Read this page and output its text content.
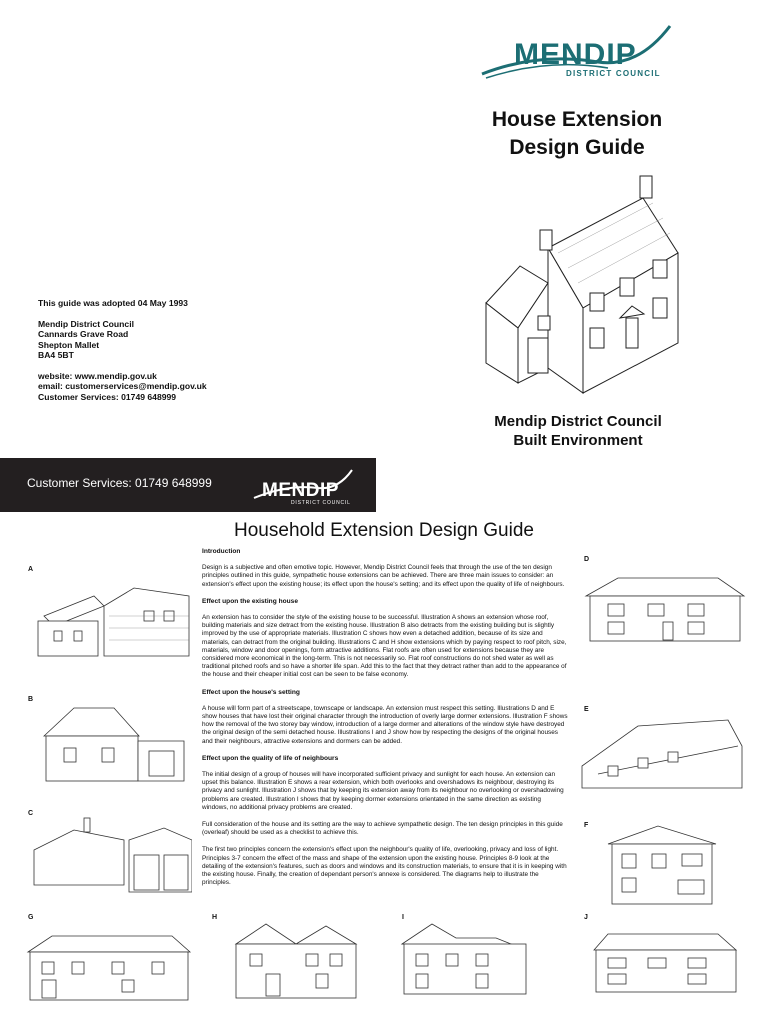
MENDIP
DISTRICT COUNCIL
House Extension
Design Guide
Mendip District Council
Built Environment

This guide was adopted 04 May 1993

Mendip District Council
Cannards Grave Road
Shepton Mallet
BA4 5BT

website: www.mendip.gov.uk
email: customerservices@mendip.gov.uk
Customer Services: 01749 648999

Customer Services: 01749 648999	MENDIP
DISTRICT COUNCIL
Household Extension Design Guide
Introduction

Design is a subjective and often emotive topic. However, Mendip District Council feels that through the use of the ten design principles outlined in this guide, sympathetic house extensions can be achieved. There are three main issues to consider: an extension's effect upon the existing house; its effect upon the house's setting; and its effect upon the quality of life of neighbours.

Effect upon the existing house

An extension has to consider the style of the existing house to be successful. Illustration A shows an extension whose roof, building materials and size detract from the existing house. Illustration B also detracts from the existing building but is slightly improved by the use of appropriate materials. Illustration C shows how even a detached addition, because of its size and materials, can detract from the original building. Illustrations C and H show extensions which by paying respect to roof pitch, size, materials, window and door openings, form attractive additions. Flat roofs are often used for extensions because they are considered more economical in the long-term. This is not necessarily so. Flat roof constructions do not shed water as well as traditional pitched roofs and so have a shorter life span. Add this to the fact that they detract rather than add to the appearance of the house and their cheaper initial cost can be seen to be false economy.

Effect upon the house's setting

A house will form part of a streetscape, townscape or landscape. An extension must respect this setting. Illustrations D and E show houses that have lost their original character through the introduction of overly large dormer extensions. Illustration F shows how the removal of the two storey bay window, introduction of a large dormer and alterations of the window style have destroyed the original design of the semi detached house. Illustrations I and J show how by respecting the designs of the original houses and their neighbours, attractive extensions and dormers can be added.

Effect upon the quality of life of neighbours

The initial design of a group of houses will have incorporated sufficient privacy and sunlight for each house. An extension can upset this balance. Illustration E shows a rear extension, which both overlooks and overshadows its neighbour, destroying its privacy and sunlight. Illustration J shows that by keeping its extension away from its neighbour no overlooking or overshadowing problems are created. Illustration I shows that by keeping dormer extensions orientated in the same direction as existing windows, no additional privacy problems are created.

Full consideration of the house and its setting are the way to achieve sympathetic design. The ten design principles in this guide (overleaf) should be used as a checklist to achieve this.

The first two principles concern the extension's effect upon the neighbour's quality of life, overlooking, privacy and loss of light. Principles 3-7 concern the effect of the mass and shape of the extension upon the existing house. Principles 8-9 look at the detailing of the extension's features, such as doors and windows and its construction materials, to ensure that it is in keeping with the existing house. Finally, the creation of dependant person's annexe is considered. The diagrams help to illustrate the principles.

A
B
C
D
E
F
G	H	I	J
